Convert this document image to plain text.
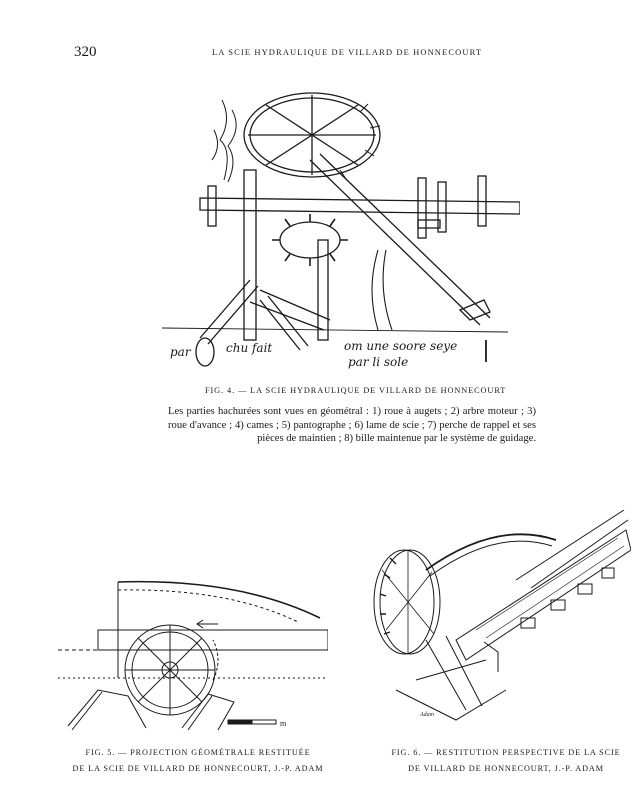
320	LA SCIE HYDRAULIQUE DE VILLARD DE HONNECOURT
par	chu fait	om une soore seye
par li sole
FIG. 4. — LA SCIE HYDRAULIQUE DE VILLARD DE HONNECOURT
Les parties hachurées sont vues en géométral : 1) roue à augets ; 2) arbre moteur ; 3) roue d'avance ; 4) cames ; 5) pantographe ; 6) lame de scie ; 7) perche de rappel et ses pièces de maintien ; 8) bille maintenue par le système de guidage.
m
Adam
FIG. 5. — PROJECTION GÉOMÉTRALE RESTITUÉE
DE LA SCIE DE VILLARD DE HONNECOURT, J.-P. ADAM
FIG. 6. — RESTITUTION PERSPECTIVE DE LA SCIE
DE VILLARD DE HONNECOURT, J.-P. ADAM
